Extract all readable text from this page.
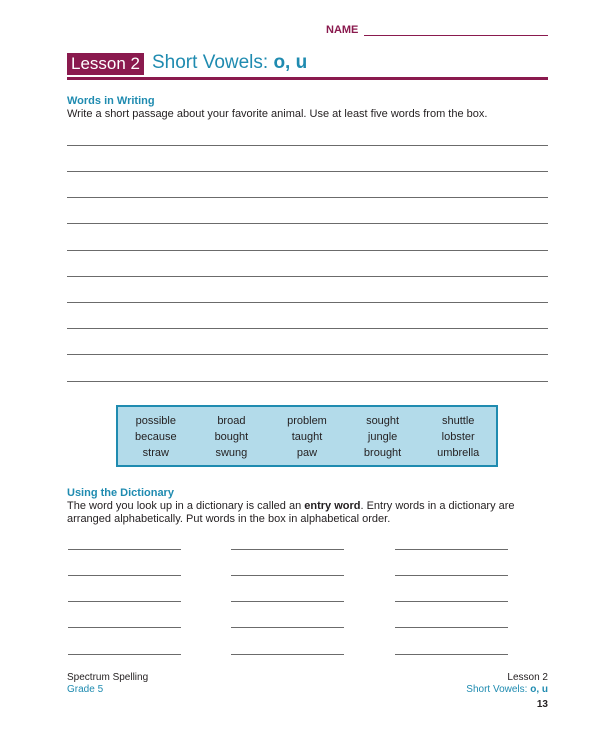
NAME
Lesson 2 Short Vowels: o, u
Words in Writing
Write a short passage about your favorite animal. Use at least five words from the box.
possible	broad	problem	sought	shuttle
because	bought	taught	jungle	lobster
straw	swung	paw	brought	umbrella
Using the Dictionary
The word you look up in a dictionary is called an entry word. Entry words in a dictionary are arranged alphabetically. Put words in the box in alphabetical order.
Spectrum Spelling
Grade 5
Lesson 2
Short Vowels: o, u
13
